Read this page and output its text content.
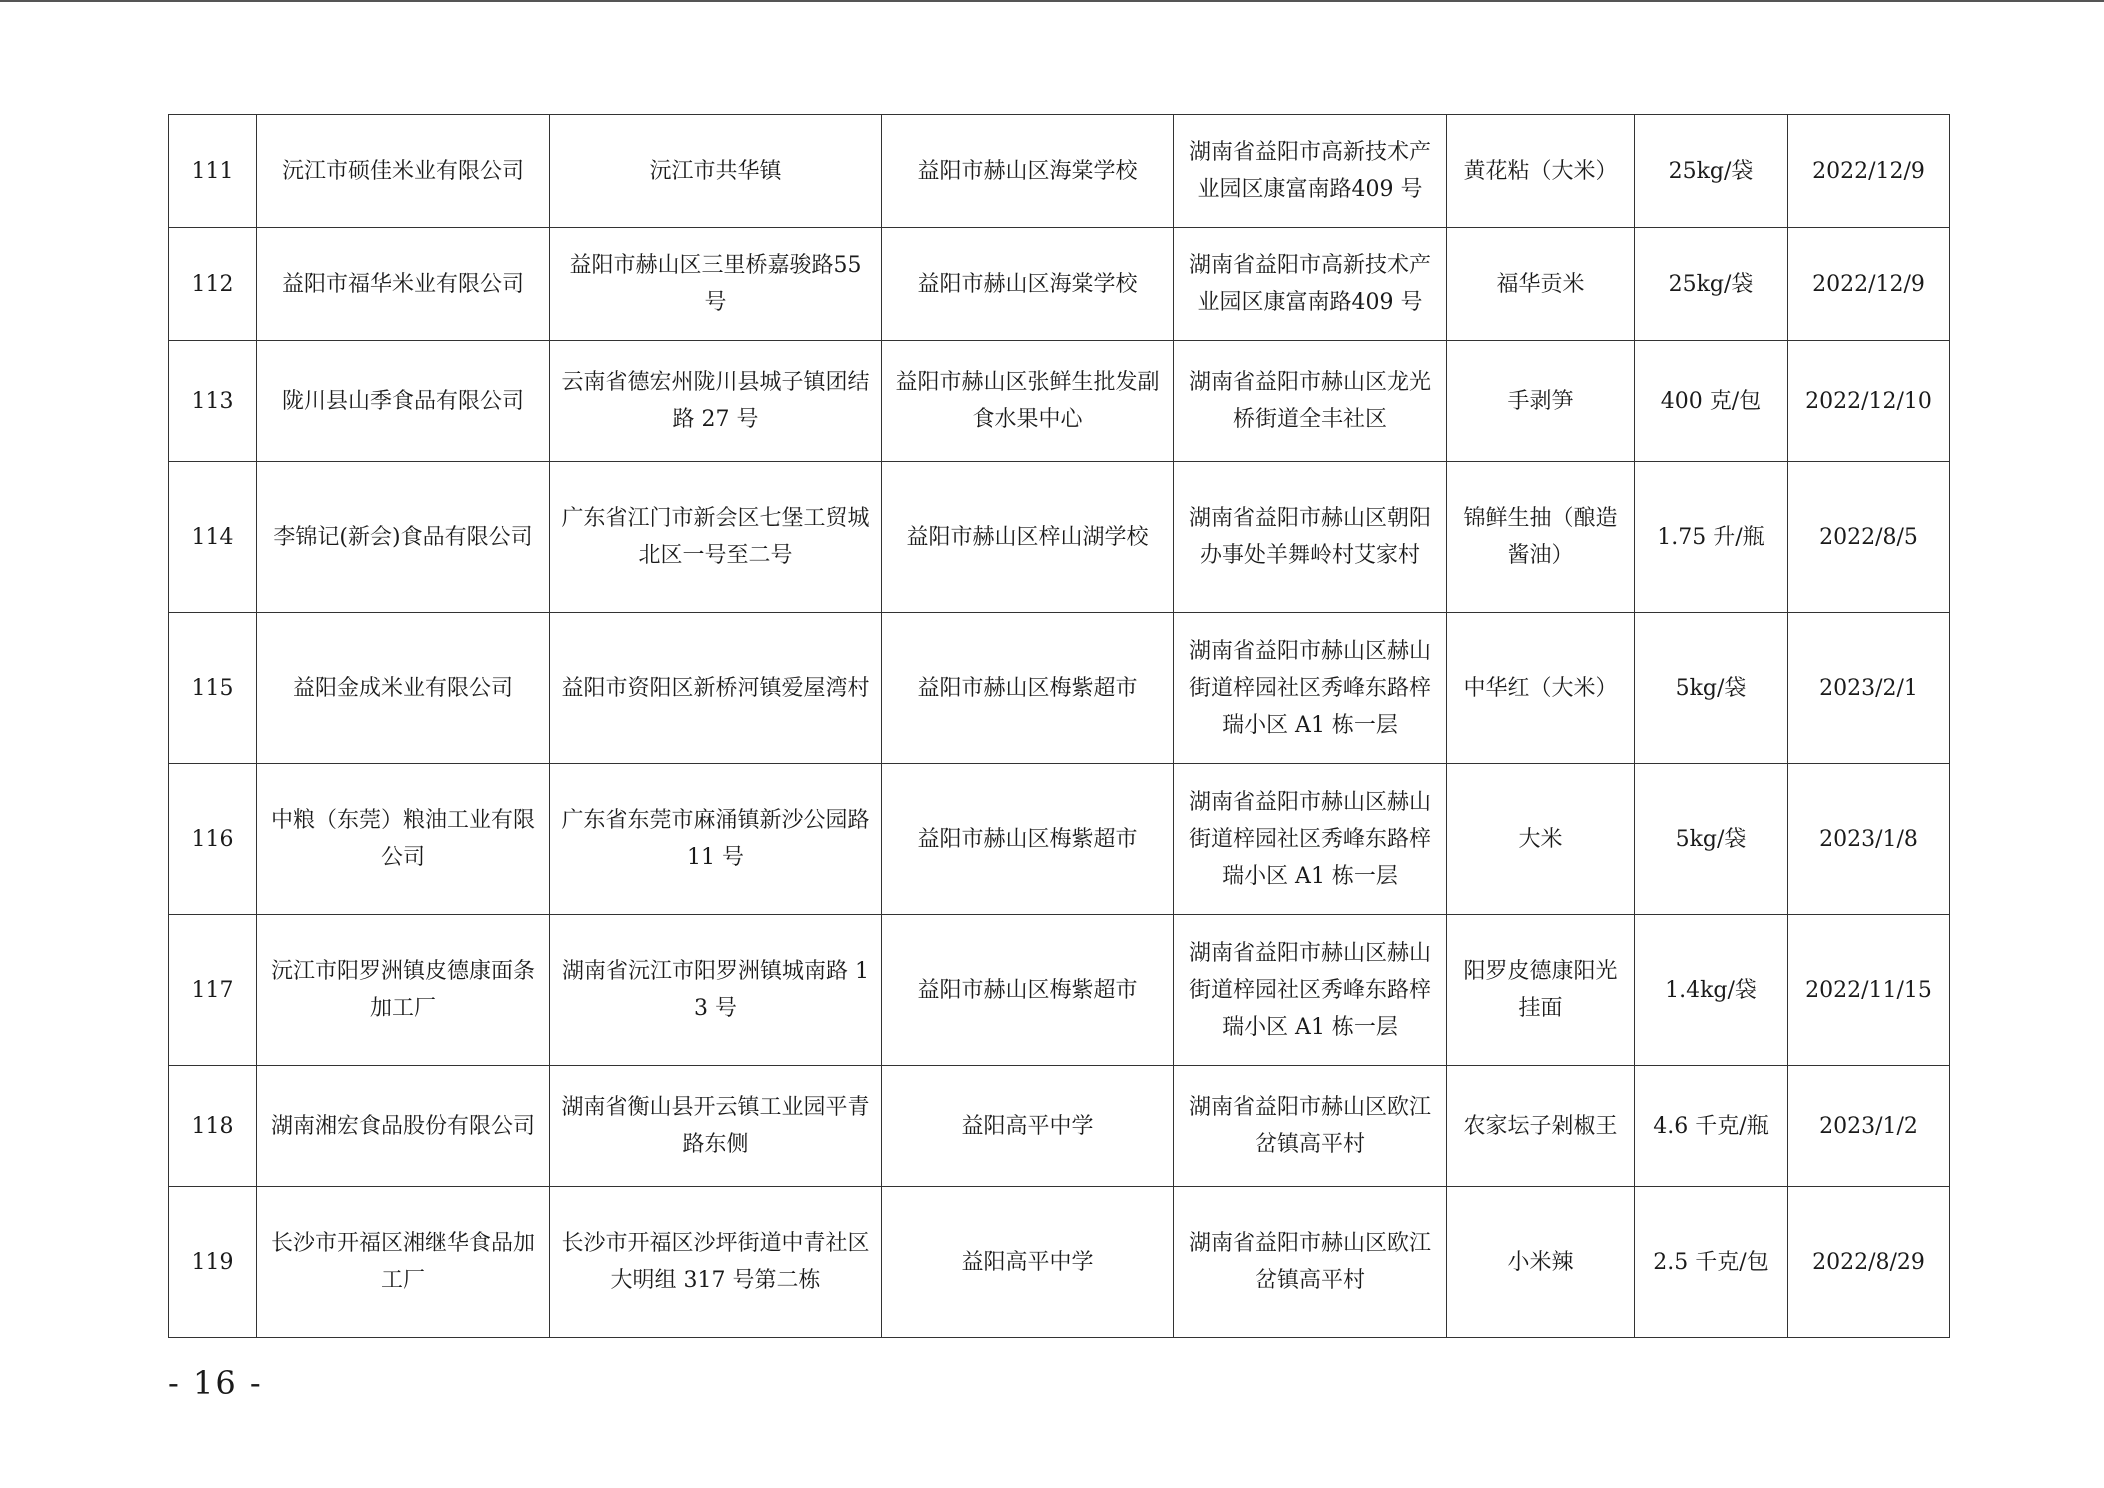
111	沅江市硕佳米业有限公司	沅江市共华镇	益阳市赫山区海棠学校	湖南省益阳市高新技术产业园区康富南路409 号	黄花粘（大米）	25kg/袋	2022/12/9
112	益阳市福华米业有限公司	益阳市赫山区三里桥嘉骏路55 号	益阳市赫山区海棠学校	湖南省益阳市高新技术产业园区康富南路409 号	福华贡米	25kg/袋	2022/12/9
113	陇川县山季食品有限公司	云南省德宏州陇川县城子镇团结路 27 号	益阳市赫山区张鲜生批发副食水果中心	湖南省益阳市赫山区龙光桥街道全丰社区	手剥笋	400 克/包	2022/12/10
114	李锦记(新会)食品有限公司	广东省江门市新会区七堡工贸城北区一号至二号	益阳市赫山区梓山湖学校	湖南省益阳市赫山区朝阳办事处羊舞岭村艾家村	锦鲜生抽（酿造酱油）	1.75 升/瓶	2022/8/5
115	益阳金成米业有限公司	益阳市资阳区新桥河镇爱屋湾村	益阳市赫山区梅紫超市	湖南省益阳市赫山区赫山街道梓园社区秀峰东路梓瑞小区 A1 栋一层	中华红（大米）	5kg/袋	2023/2/1
116	中粮（东莞）粮油工业有限公司	广东省东莞市麻涌镇新沙公园路 11 号	益阳市赫山区梅紫超市	湖南省益阳市赫山区赫山街道梓园社区秀峰东路梓瑞小区 A1 栋一层	大米	5kg/袋	2023/1/8
117	沅江市阳罗洲镇皮德康面条加工厂	湖南省沅江市阳罗洲镇城南路 13 号	益阳市赫山区梅紫超市	湖南省益阳市赫山区赫山街道梓园社区秀峰东路梓瑞小区 A1 栋一层	阳罗皮德康阳光挂面	1.4kg/袋	2022/11/15
118	湖南湘宏食品股份有限公司	湖南省衡山县开云镇工业园平青路东侧	益阳高平中学	湖南省益阳市赫山区欧江岔镇高平村	农家坛子剁椒王	4.6 千克/瓶	2023/1/2
119	长沙市开福区湘继华食品加工厂	长沙市开福区沙坪街道中青社区大明组 317 号第二栋	益阳高平中学	湖南省益阳市赫山区欧江岔镇高平村	小米辣	2.5 千克/包	2022/8/29
- 16 -
